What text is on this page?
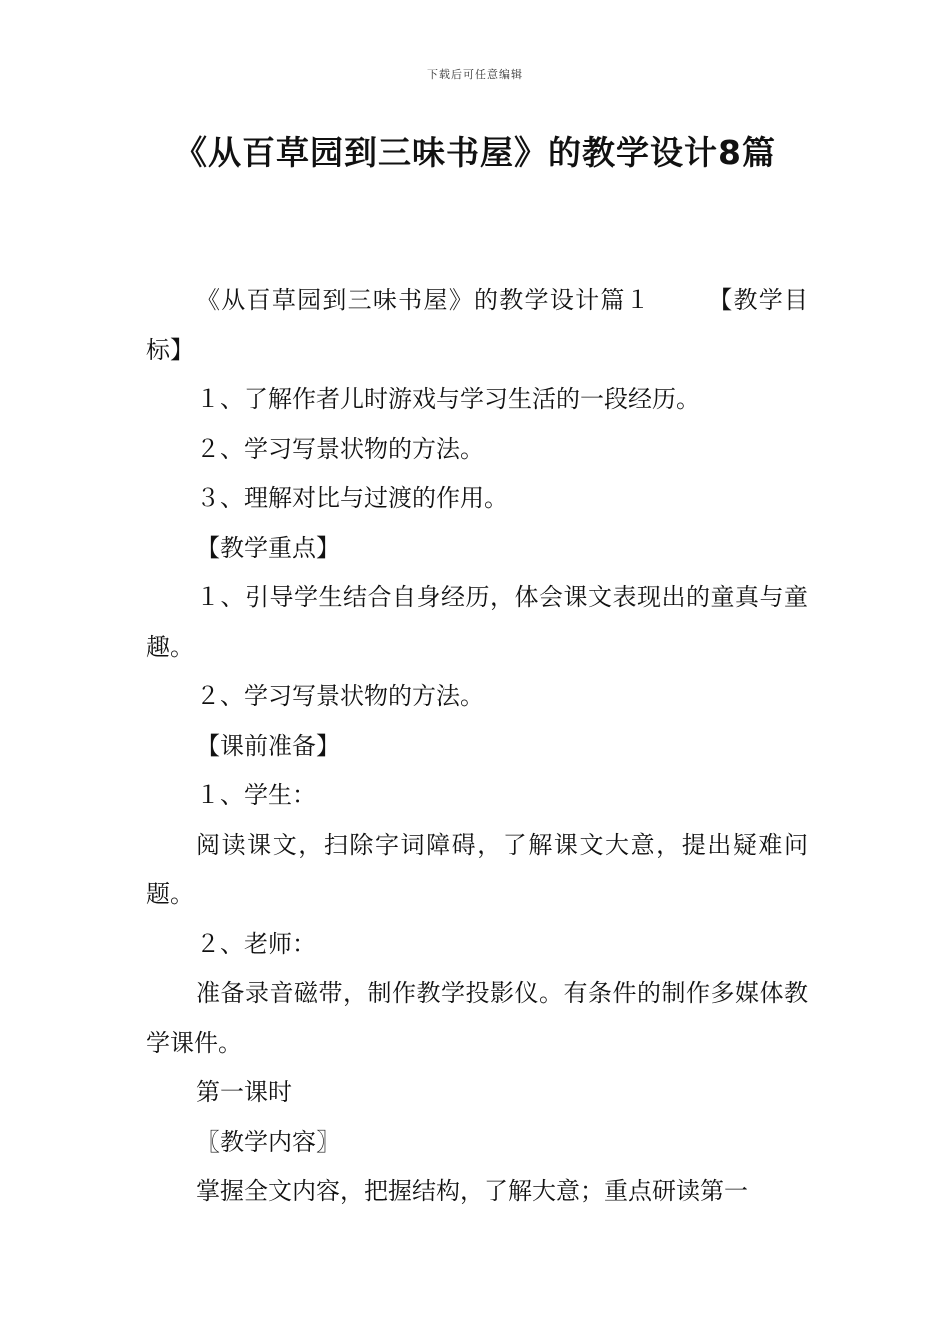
下载后可任意编辑
《从百草园到三味书屋》的教学设计8篇

《从百草园到三味书屋》的教学设计篇１ 【教学目标】

１、了解作者儿时游戏与学习生活的一段经历。

２、学习写景状物的方法。

３、理解对比与过渡的作用。

【教学重点】

１、引导学生结合自身经历，体会课文表现出的童真与童趣。

２、学习写景状物的方法。

【课前准备】

１、学生：

阅读课文，扫除字词障碍，了解课文大意，提出疑难问题。

２、老师：

准备录音磁带，制作教学投影仪。有条件的制作多媒体教学课件。

第一课时

〖教学内容〗

掌握全文内容，把握结构，了解大意；重点研读第一
